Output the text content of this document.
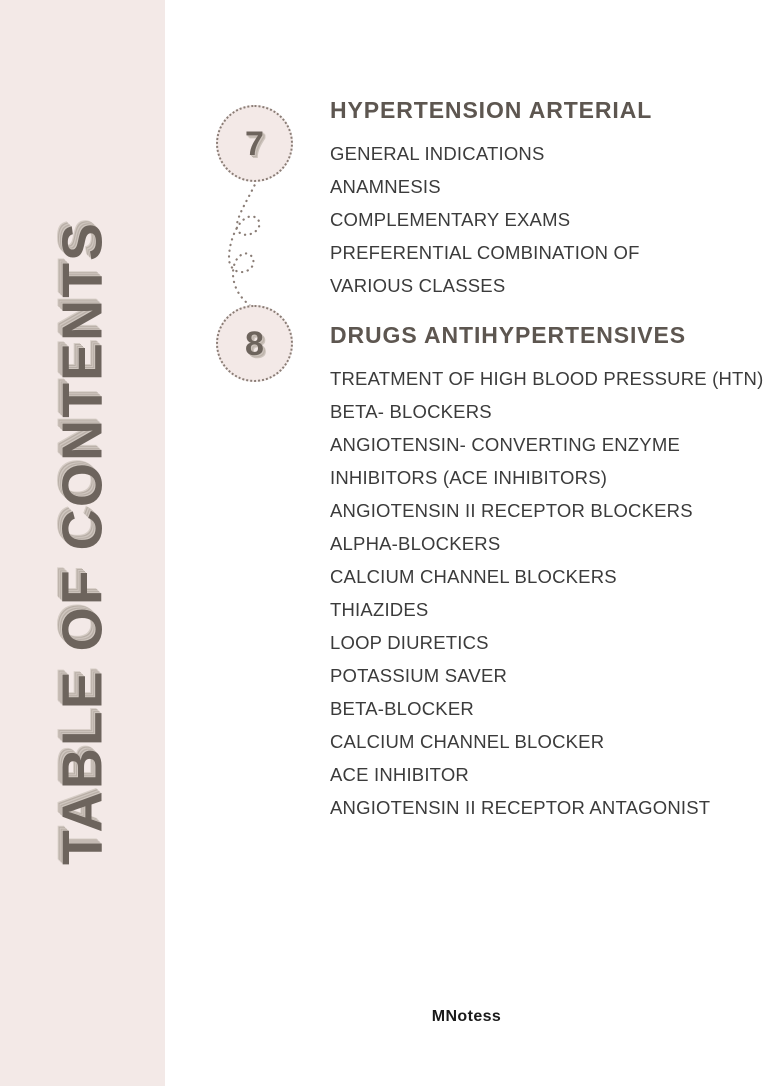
TABLE OF CONTENTS
7
8
HYPERTENSION ARTERIAL
GENERAL INDICATIONS
ANAMNESIS
COMPLEMENTARY EXAMS
PREFERENTIAL COMBINATION OF
VARIOUS CLASSES
DRUGS ANTIHYPERTENSIVES
TREATMENT OF HIGH BLOOD PRESSURE (HTN)
BETA- BLOCKERS
ANGIOTENSIN- CONVERTING ENZYME
INHIBITORS (ACE INHIBITORS)
ANGIOTENSIN II RECEPTOR BLOCKERS
ALPHA-BLOCKERS
CALCIUM CHANNEL BLOCKERS
THIAZIDES
LOOP DIURETICS
POTASSIUM SAVER
BETA-BLOCKER
CALCIUM CHANNEL BLOCKER
ACE INHIBITOR
ANGIOTENSIN II RECEPTOR ANTAGONIST
MNotess
